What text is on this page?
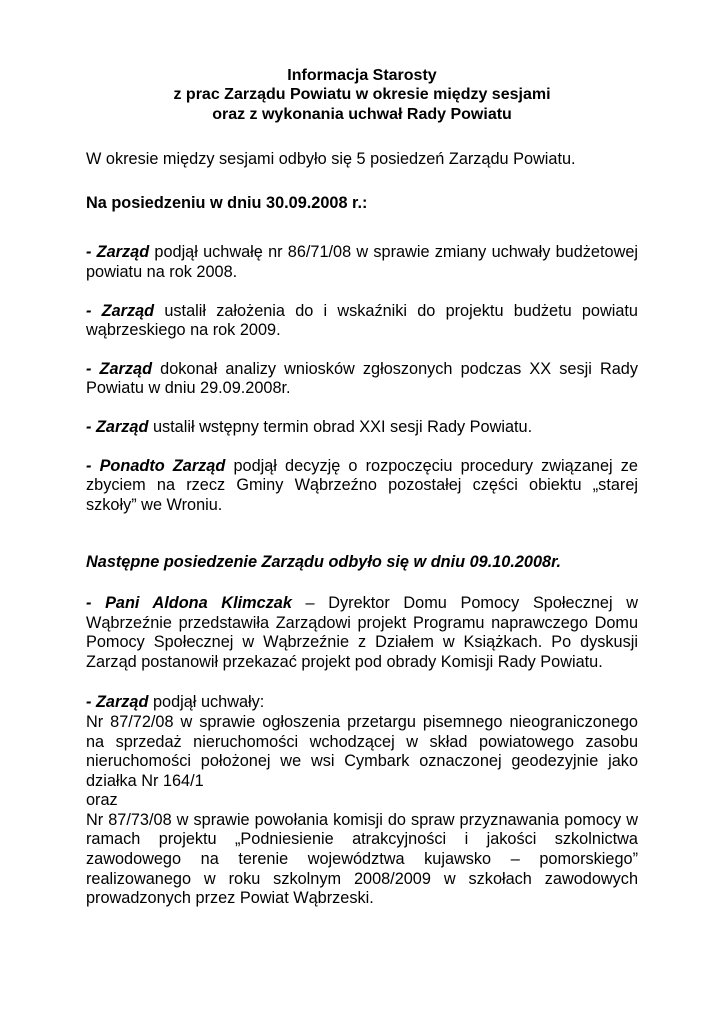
Informacja Starosty
z prac Zarządu Powiatu w okresie między sesjami
oraz z wykonania uchwał Rady Powiatu

W okresie między sesjami odbyło się 5 posiedzeń Zarządu Powiatu.

Na posiedzeniu w dniu 30.09.2008 r.:

- Zarząd podjął uchwałę nr 86/71/08 w sprawie zmiany uchwały budżetowej powiatu na rok 2008.

- Zarząd ustalił założenia do i wskaźniki do projektu budżetu powiatu wąbrzeskiego na rok 2009.

- Zarząd dokonał analizy wniosków zgłoszonych podczas XX sesji Rady Powiatu w dniu 29.09.2008r.

- Zarząd ustalił wstępny termin obrad XXI sesji Rady Powiatu.

- Ponadto Zarząd podjął decyzję o rozpoczęciu procedury związanej ze zbyciem na rzecz Gminy Wąbrzeźno pozostałej części obiektu „starej szkoły” we Wroniu.

Następne posiedzenie Zarządu odbyło się w dniu 09.10.2008r.

- Pani Aldona Klimczak – Dyrektor Domu Pomocy Społecznej w Wąbrzeźnie przedstawiła Zarządowi projekt Programu naprawczego Domu Pomocy Społecznej w Wąbrzeźnie z Działem w Książkach. Po dyskusji Zarząd postanowił przekazać projekt pod obrady Komisji Rady Powiatu.

- Zarząd podjął uchwały:

Nr 87/72/08 w sprawie ogłoszenia przetargu pisemnego nieograniczonego na sprzedaż nieruchomości wchodzącej w skład powiatowego zasobu nieruchomości położonej we wsi Cymbark oznaczonej geodezyjnie jako działka Nr 164/1

oraz

Nr 87/73/08 w sprawie powołania komisji do spraw przyznawania pomocy w ramach projektu „Podniesienie atrakcyjności i jakości szkolnictwa zawodowego na terenie województwa kujawsko – pomorskiego” realizowanego w roku szkolnym 2008/2009 w szkołach zawodowych prowadzonych przez Powiat Wąbrzeski.
